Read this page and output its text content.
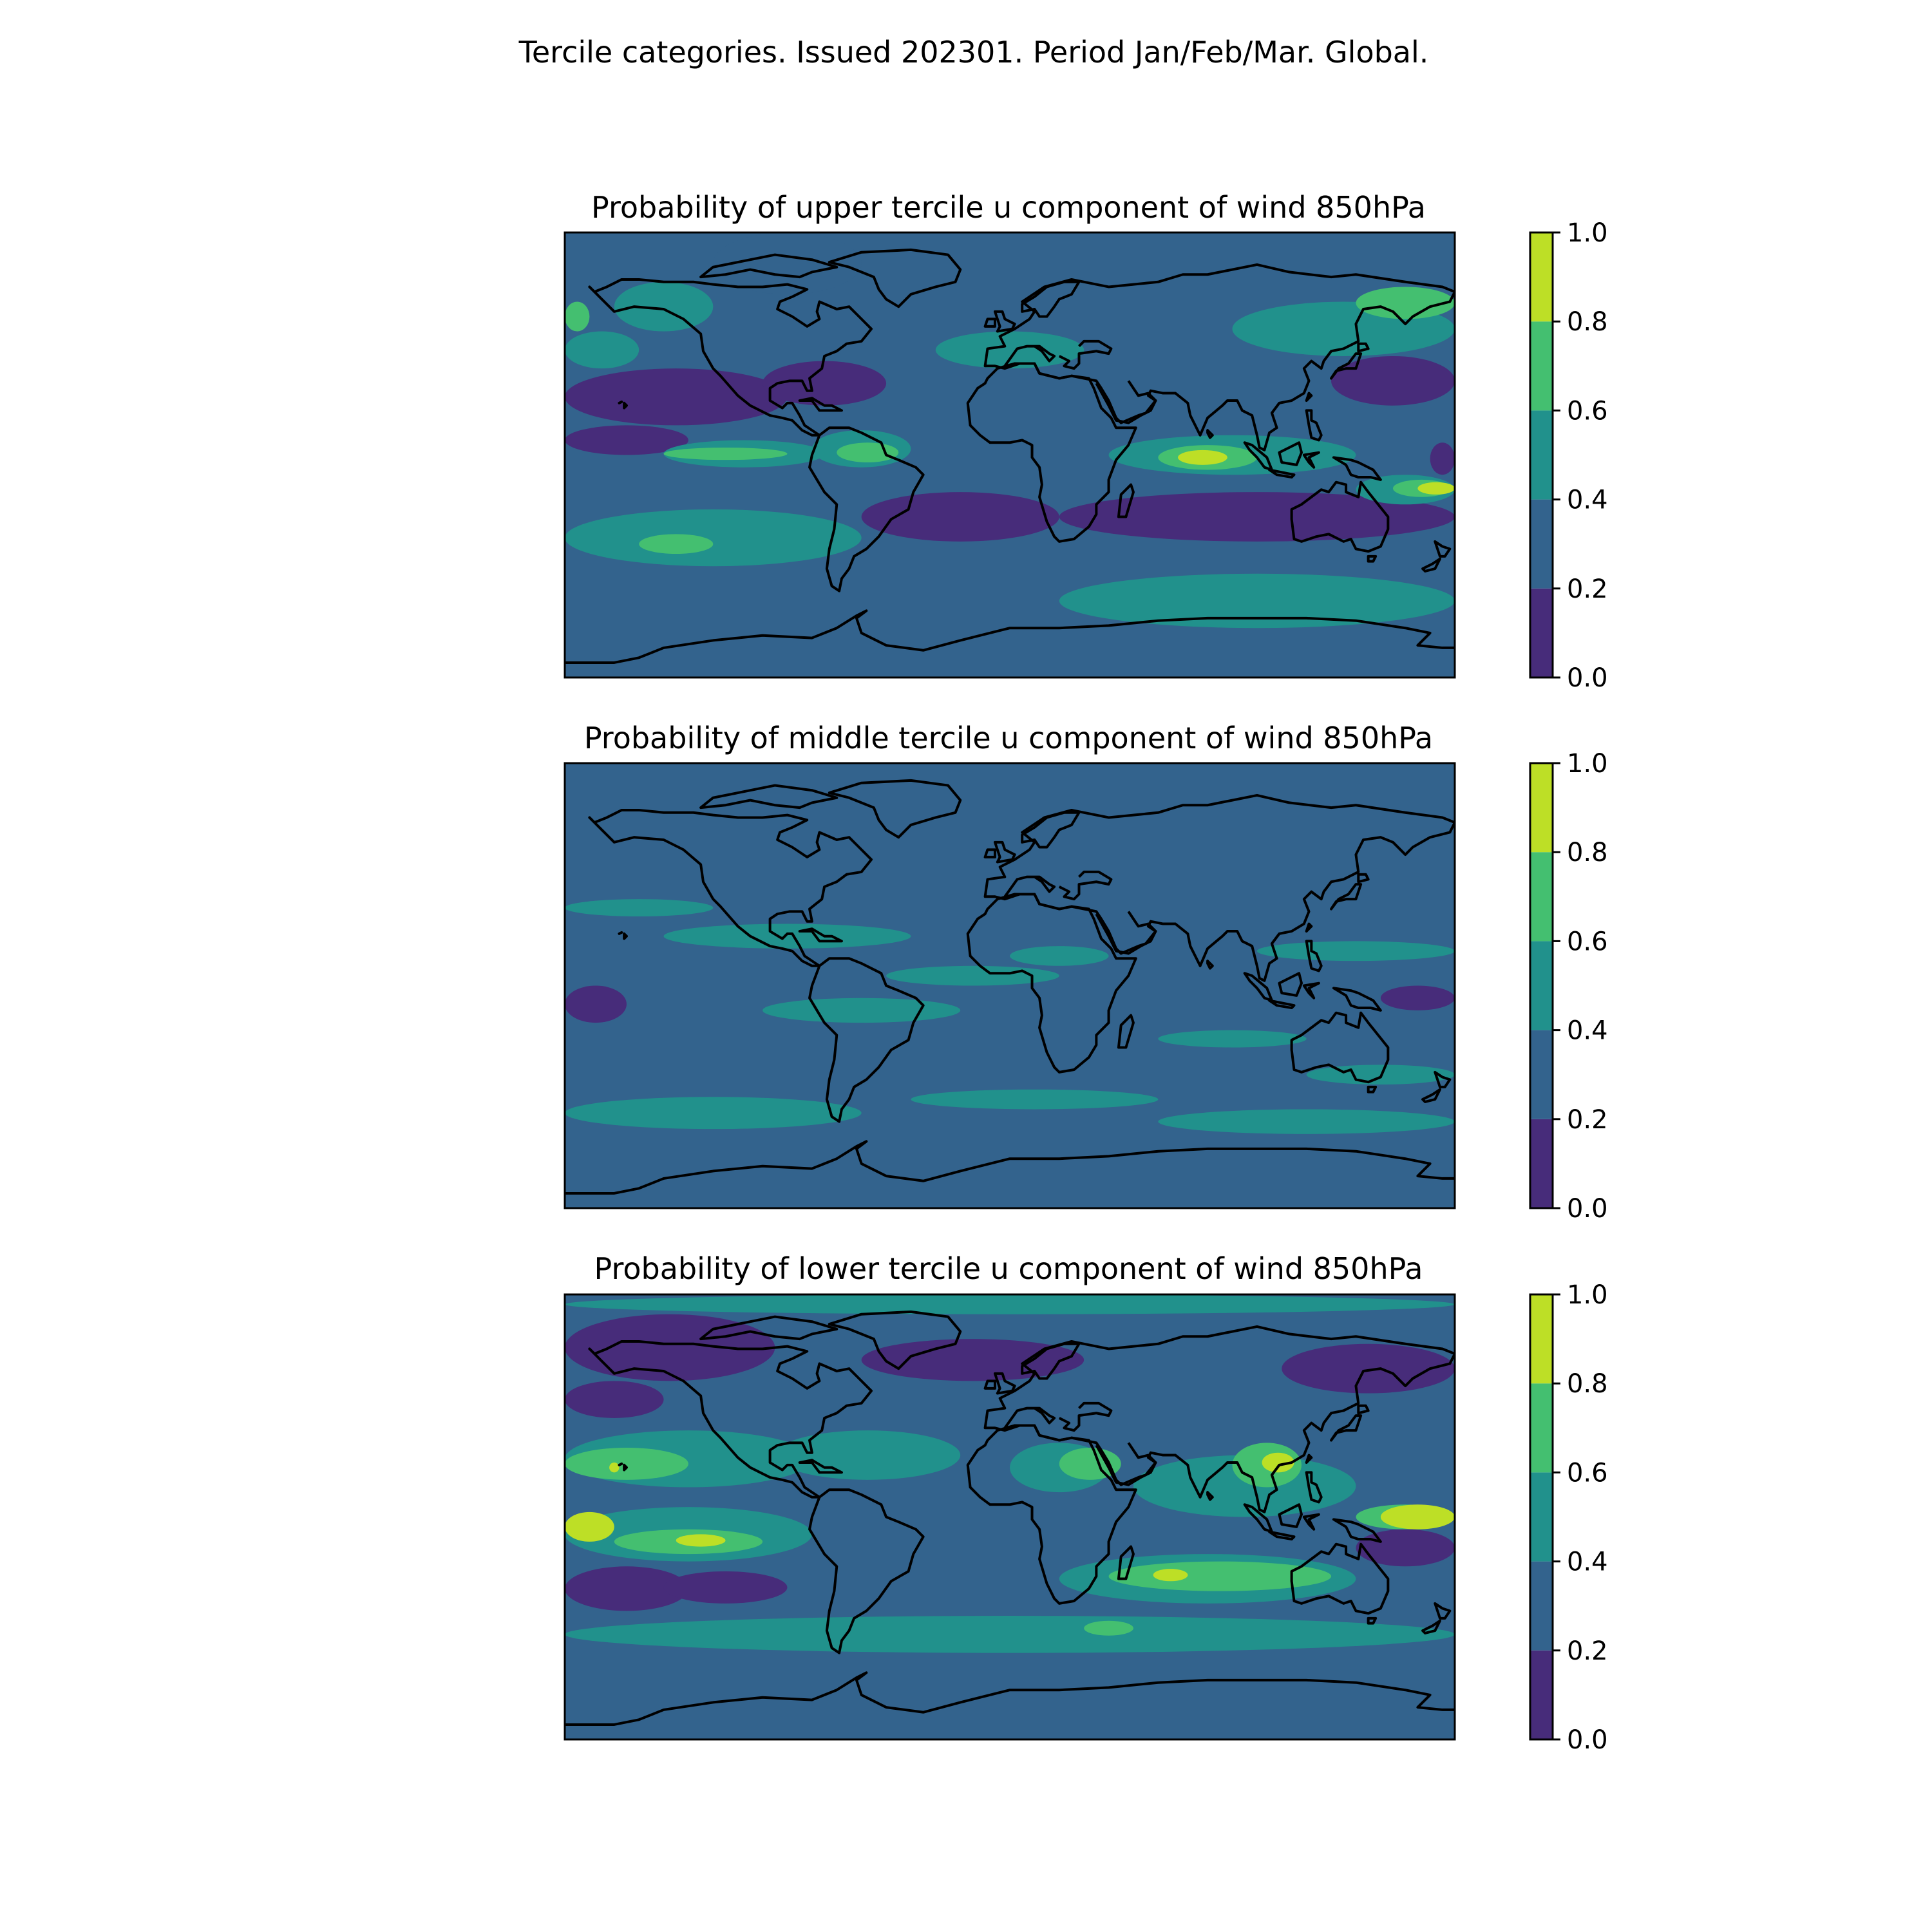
Tercile categories. Issued 202301. Period Jan/Feb/Mar. Global.
Probability of upper tercile u component of wind 850hPa
0.0
0.2
0.4
0.6
0.8
1.0
Probability of middle tercile u component of wind 850hPa
0.0
0.2
0.4
0.6
0.8
1.0
Probability of lower tercile u component of wind 850hPa
0.0
0.2
0.4
0.6
0.8
1.0
